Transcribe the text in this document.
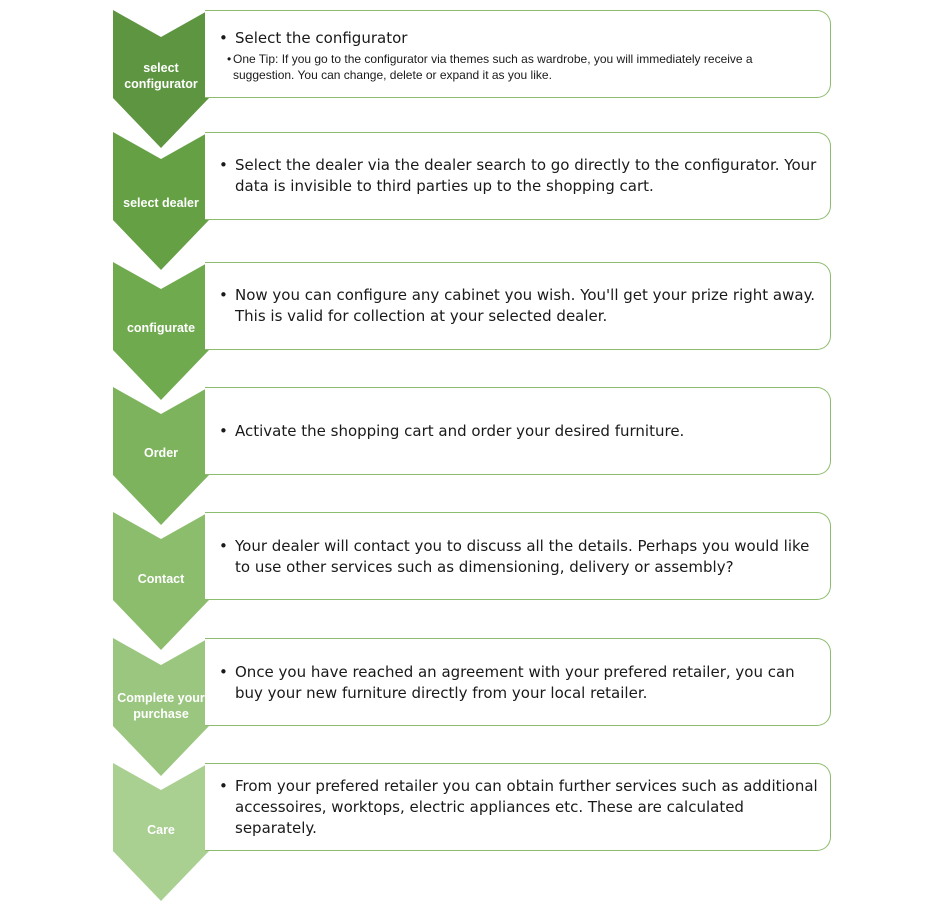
select
configurator
• Select the configurator
• One Tip: If you go to the configurator via themes such as wardrobe, you will immediately receive a suggestion. You can change, delete or expand it as you like.
select dealer
• Select the dealer via the dealer search to go directly to the configurator. Your data is invisible to third parties up to the shopping cart.
configurate
• Now you can configure any cabinet you wish. You'll get your prize right away. This is valid for collection at your selected dealer.
Order
• Activate the shopping cart and order your desired furniture.
Contact
• Your dealer will contact you to discuss all the details. Perhaps you would like to use other services such as dimensioning, delivery or assembly?
Complete your
purchase
• Once you have reached an agreement with your prefered retailer, you can buy your new furniture directly from your local retailer.
Care
• From your prefered retailer you can obtain further services such as additional accessoires, worktops, electric appliances etc. These are calculated separately.
